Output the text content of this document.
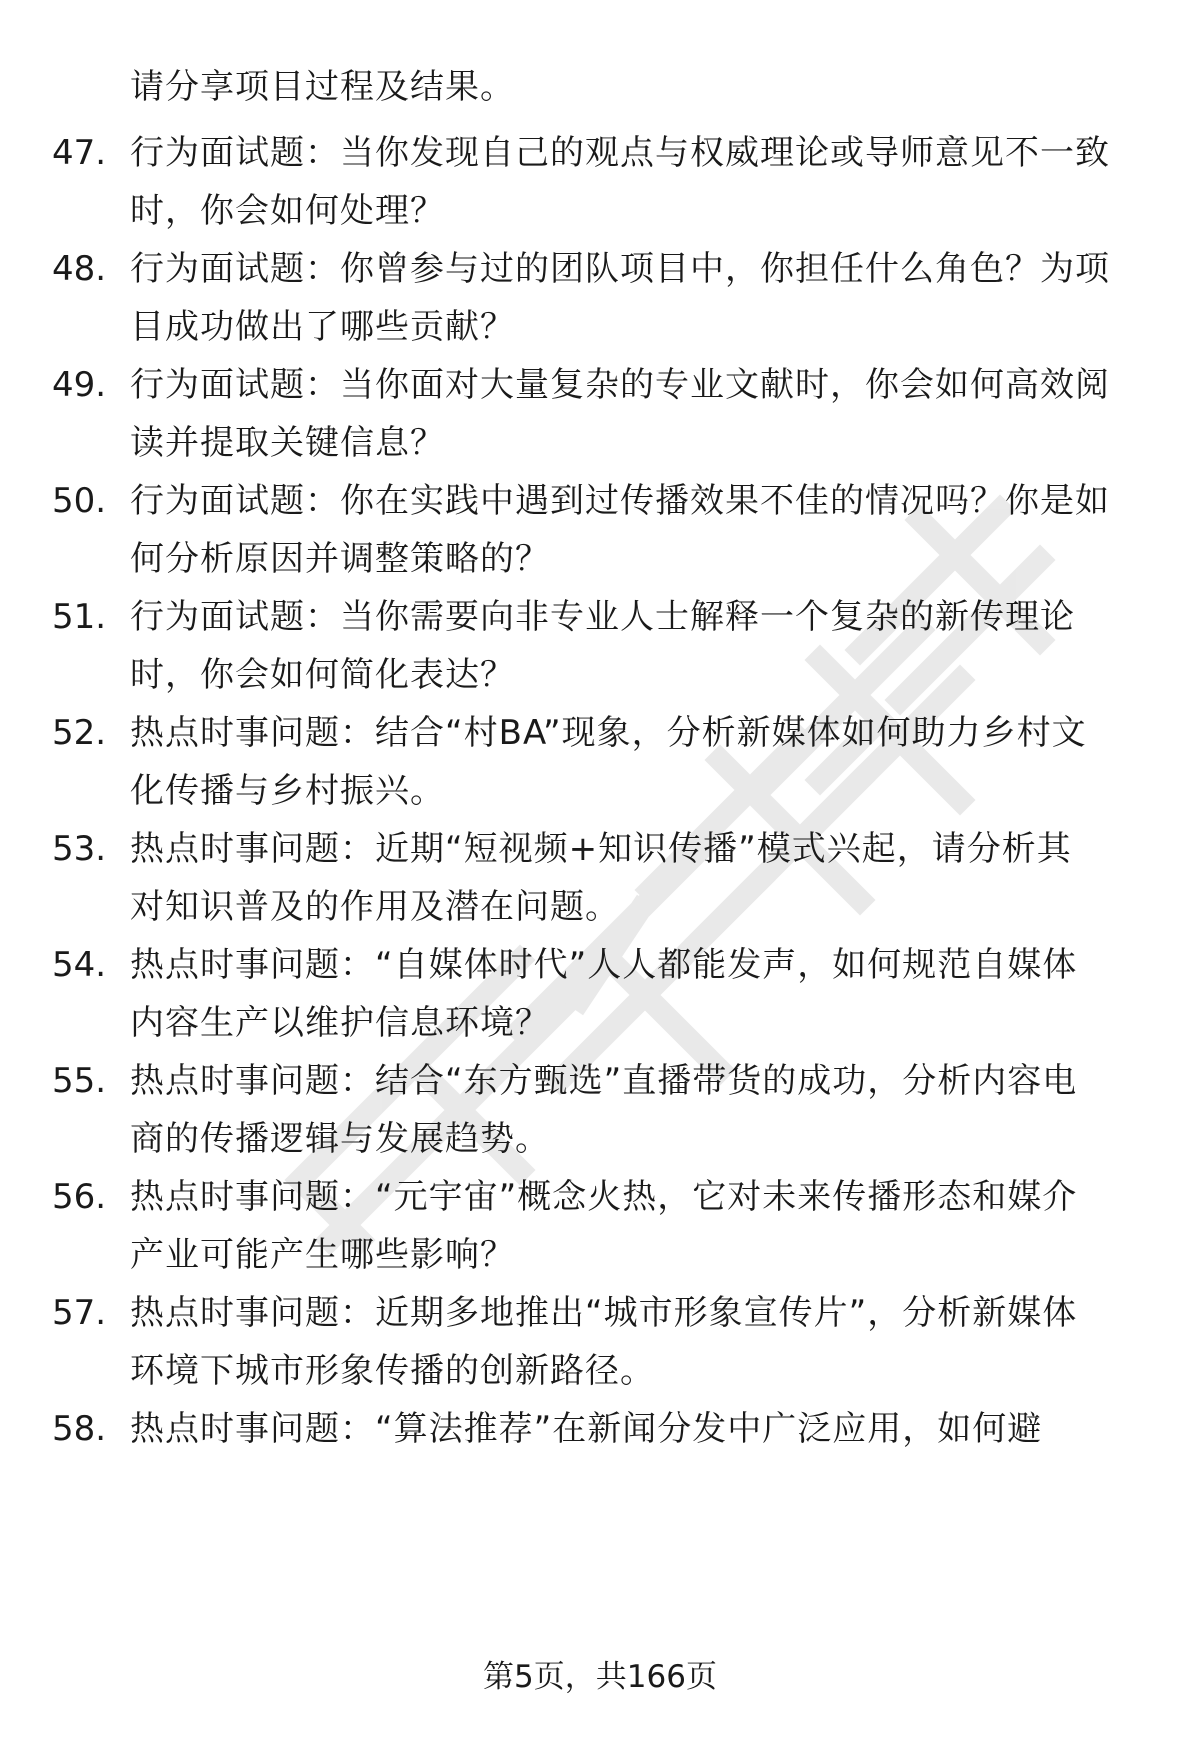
请分享项目过程及结果。
47. 行为面试题：当你发现自己的观点与权威理论或导师意见不一致
时，你会如何处理？

48. 行为面试题：你曾参与过的团队项目中，你担任什么角色？为项
目成功做出了哪些贡献？

49. 行为面试题：当你面对大量复杂的专业文献时，你会如何高效阅
读并提取关键信息？

50. 行为面试题：你在实践中遇到过传播效果不佳的情况吗？你是如
何分析原因并调整策略的？

51. 行为面试题：当你需要向非专业人士解释一个复杂的新传理论
时，你会如何简化表达？

52. 热点时事问题：结合“村BA”现象，分析新媒体如何助力乡村文
化传播与乡村振兴。

53. 热点时事问题：近期“短视频+知识传播”模式兴起，请分析其
对知识普及的作用及潜在问题。

54. 热点时事问题：“自媒体时代”人人都能发声，如何规范自媒体
内容生产以维护信息环境？

55. 热点时事问题：结合“东方甄选”直播带货的成功，分析内容电
商的传播逻辑与发展趋势。

56. 热点时事问题：“元宇宙”概念火热，它对未来传播形态和媒介
产业可能产生哪些影响？

57. 热点时事问题：近期多地推出“城市形象宣传片”，分析新媒体
环境下城市形象传播的创新路径。

58. 热点时事问题：“算法推荐”在新闻分发中广泛应用，如何避

第5页，共166页
